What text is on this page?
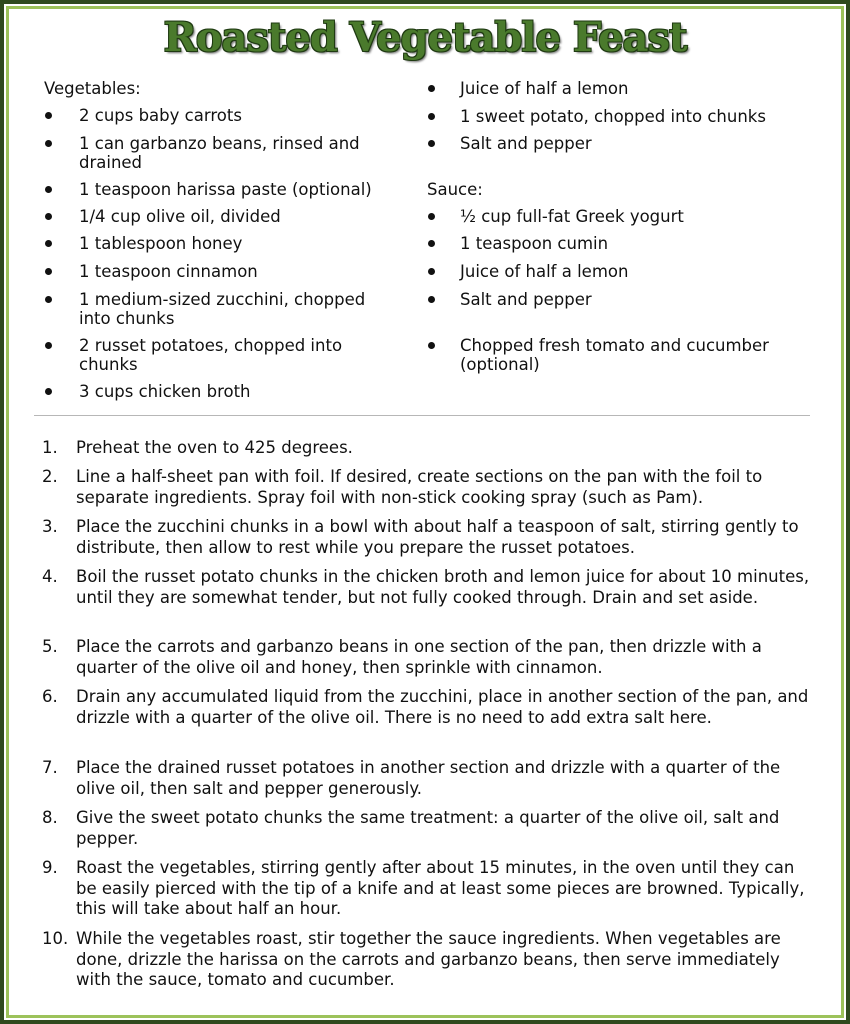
Roasted Vegetable Feast
Vegetables:
2 cups baby carrots
1 can garbanzo beans, rinsed and drained
1 teaspoon harissa paste (optional)
1/4 cup olive oil, divided
1 tablespoon honey
1 teaspoon cinnamon
1 medium-sized zucchini, chopped into chunks
2 russet potatoes, chopped into chunks
3 cups chicken broth
Juice of half a lemon
1 sweet potato, chopped into chunks
Salt and pepper
Sauce:
½ cup full-fat Greek yogurt
1 teaspoon cumin
Juice of half a lemon
Salt and pepper
Chopped fresh tomato and cucumber (optional)
1. Preheat the oven to 425 degrees.
2. Line a half-sheet pan with foil. If desired, create sections on the pan with the foil to separate ingredients. Spray foil with non-stick cooking spray (such as Pam).
3. Place the zucchini chunks in a bowl with about half a teaspoon of salt, stirring gently to distribute, then allow to rest while you prepare the russet potatoes.
4. Boil the russet potato chunks in the chicken broth and lemon juice for about 10 minutes, until they are somewhat tender, but not fully cooked through. Drain and set aside.
5. Place the carrots and garbanzo beans in one section of the pan, then drizzle with a quarter of the olive oil and honey, then sprinkle with cinnamon.
6. Drain any accumulated liquid from the zucchini, place in another section of the pan, and drizzle with a quarter of the olive oil. There is no need to add extra salt here.
7. Place the drained russet potatoes in another section and drizzle with a quarter of the olive oil, then salt and pepper generously.
8. Give the sweet potato chunks the same treatment: a quarter of the olive oil, salt and pepper.
9. Roast the vegetables, stirring gently after about 15 minutes, in the oven until they can be easily pierced with the tip of a knife and at least some pieces are browned. Typically, this will take about half an hour.
10. While the vegetables roast, stir together the sauce ingredients. When vegetables are done, drizzle the harissa on the carrots and garbanzo beans, then serve immediately with the sauce, tomato and cucumber.
